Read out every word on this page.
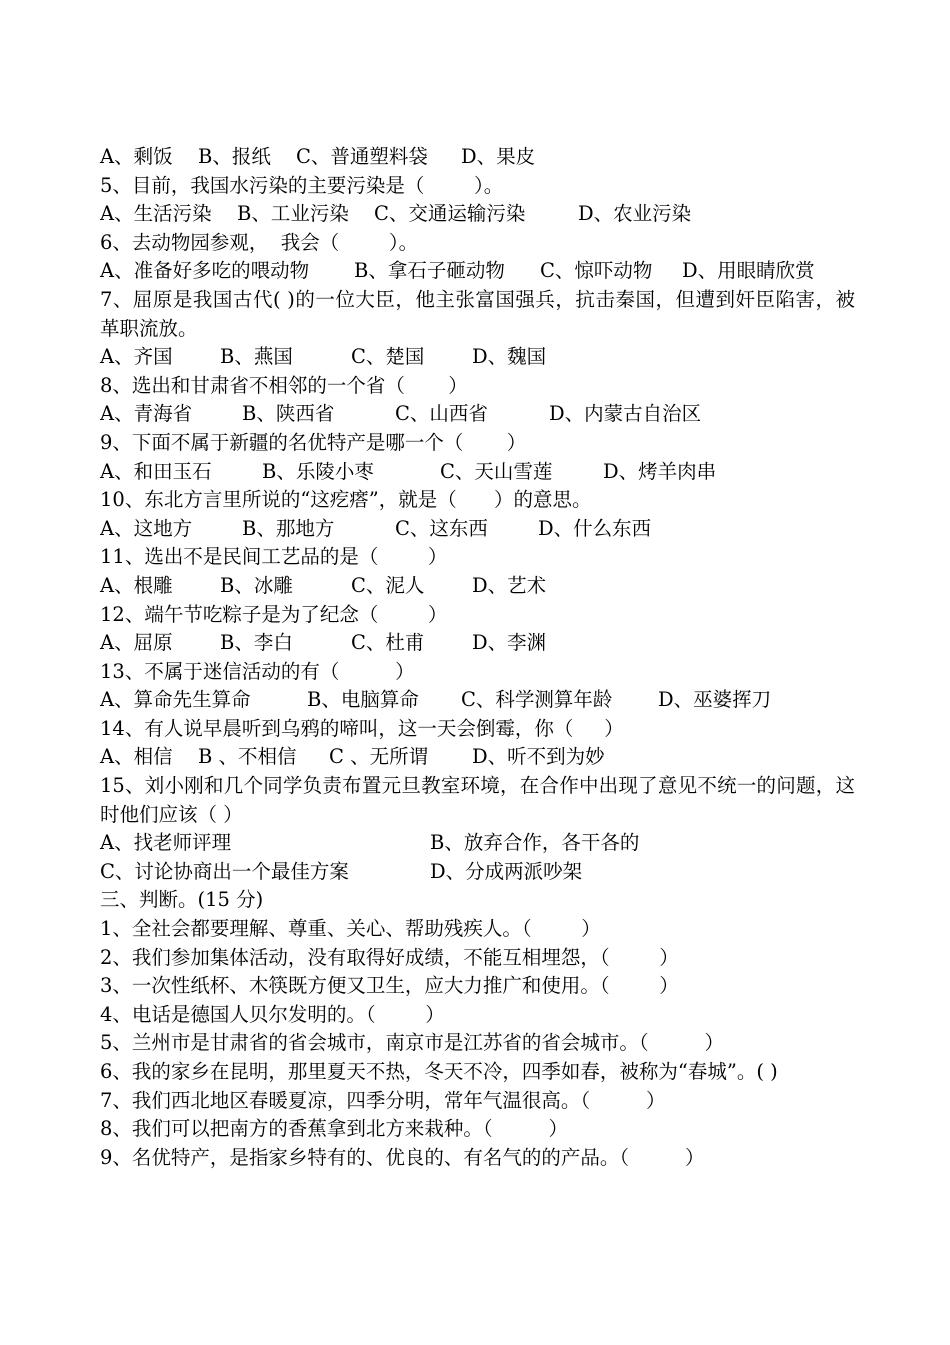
A、剩饭 B、报纸 C、普通塑料袋 D、果皮
5、目前，我国水污染的主要污染是（        ）。
A、生活污染 B、工业污染 C、交通运输污染 D、农业污染
6、去动物园参观，  我会（        ）。
A、准备好多吃的喂动物 B、拿石子砸动物 C、惊吓动物 D、用眼睛欣赏
7、屈原是我国古代( )的一位大臣，他主张富国强兵，抗击秦国，但遭到奸臣陷害，被革职流放。
A、齐国 B、燕国	C、楚国 D、魏国
8、选出和甘肃省不相邻的一个省（       ）
A、青海省 B、陕西省	C、山西省	D、内蒙古自治区
9、下面不属于新疆的名优特产是哪一个（       ）
A、和田玉石 B、乐陵小枣	C、天山雪莲 D、烤羊肉串
10、东北方言里所说的“这疙瘩”，就是（      ）的意思。
A、这地方 B、那地方	C、这东西 D、什么东西
11、选出不是民间工艺品的是（        ）
A、根雕 B、冰雕	C、泥人 D、艺术
12、端午节吃粽子是为了纪念（        ）
A、屈原 B、李白	C、杜甫 D、李渊
13、不属于迷信活动的有（         ）
A、算命先生算命	B、电脑算命 C、科学测算年龄 D、巫婆挥刀
14、有人说早晨听到乌鸦的啼叫，这一天会倒霉，你（     ）
A、相信 B 、不相信 C 、无所谓 D、听不到为妙
15、刘小刚和几个同学负责布置元旦教室环境，在合作中出现了意见不统一的问题，这时他们应该（ ）
A、找老师评理	B、放弃合作，各干各的
C、讨论协商出一个最佳方案	D、分成两派吵架
三、判断。(15 分)
1、全社会都要理解、尊重、关心、帮助残疾人。（        ）
2、我们参加集体活动，没有取得好成绩，不能互相埋怨，（        ）
3、一次性纸杯、木筷既方便又卫生，应大力推广和使用。（        ）
4、电话是德国人贝尔发明的。（        ）
5、兰州市是甘肃省的省会城市，南京市是江苏省的省会城市。（         ）
6、我的家乡在昆明，那里夏天不热，冬天不冷，四季如春，被称为“春城”。( )
7、我们西北地区春暖夏凉，四季分明，常年气温很高。（         ）
8、我们可以把南方的香蕉拿到北方来栽种。（         ）
9、名优特产，是指家乡特有的、优良的、有名气的的产品。（         ）
